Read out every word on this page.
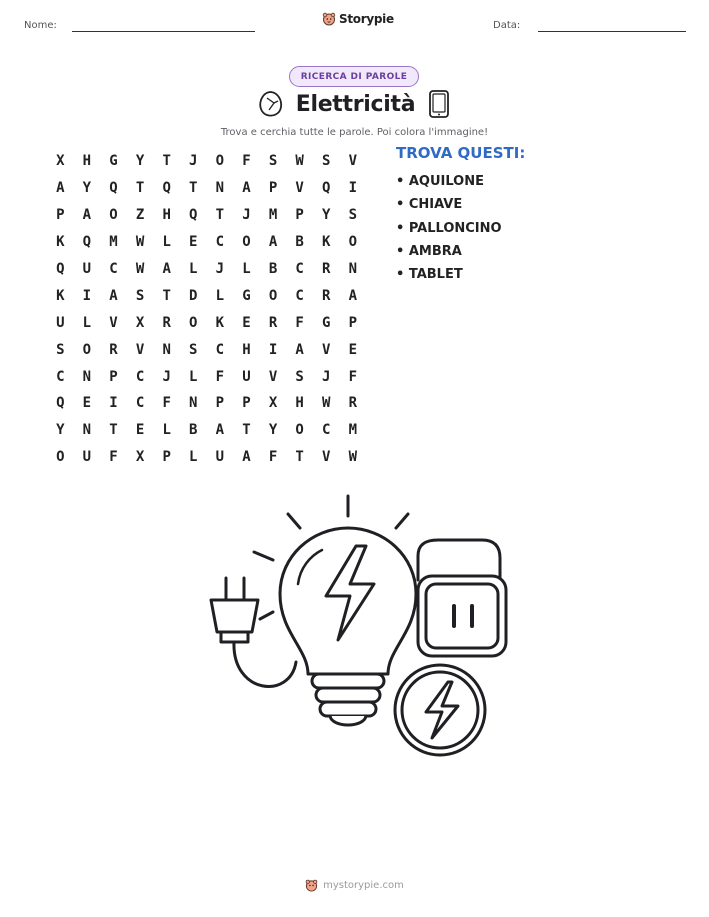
Nome:	Storypie	Data:
RICERCA DI PAROLE
Elettricità
Trova e cerchia tutte le parole. Poi colora l'immagine!
X	H	G	Y	T	J	O	F	S	W	S	V
A	Y	Q	T	Q	T	N	A	P	V	Q	I
P	A	O	Z	H	Q	T	J	M	P	Y	S
K	Q	M	W	L	E	C	O	A	B	K	O
Q	U	C	W	A	L	J	L	B	C	R	N
K	I	A	S	T	D	L	G	O	C	R	A
U	L	V	X	R	O	K	E	R	F	G	P
S	O	R	V	N	S	C	H	I	A	V	E
C	N	P	C	J	L	F	U	V	S	J	F
Q	E	I	C	F	N	P	P	X	H	W	R
Y	N	T	E	L	B	A	T	Y	O	C	M
O	U	F	X	P	L	U	A	F	T	V	W
TROVA QUESTI:
• AQUILONE
• CHIAVE
• PALLONCINO
• AMBRA
• TABLET
mystorypie.com
